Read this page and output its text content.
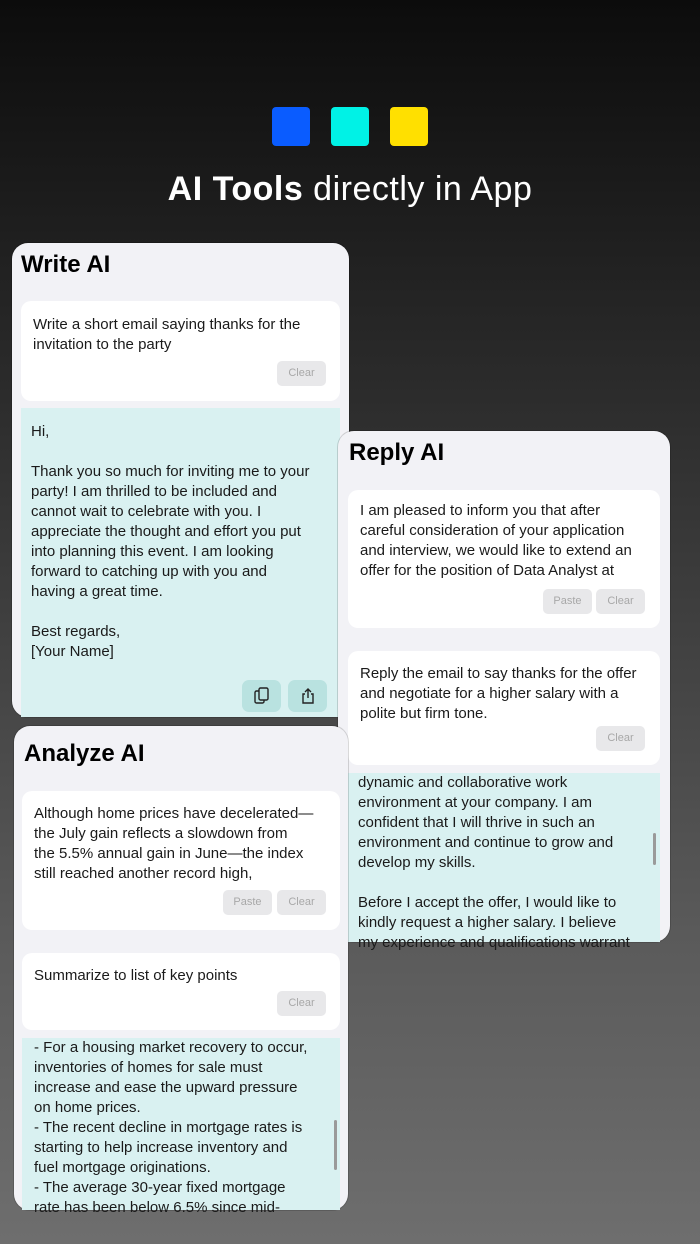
AI Tools directly in App
Write AI
Write a short email saying thanks for the
invitation to the party
Clear
Hi,

Thank you so much for inviting me to your
party! I am thrilled to be included and
cannot wait to celebrate with you. I
appreciate the thought and effort you put
into planning this event. I am looking
forward to catching up with you and
having a great time.

Best regards,
[Your Name]
Reply AI
I am pleased to inform you that after
careful consideration of your application
and interview, we would like to extend an
offer for the position of Data Analyst at
Paste	Clear
Reply the email to say thanks for the offer
and negotiate for a higher salary with a
polite but firm tone.
Clear
dynamic and collaborative work
environment at your company. I am
confident that I will thrive in such an
environment and continue to grow and
develop my skills.

Before I accept the offer, I would like to
kindly request a higher salary. I believe
my experience and qualifications warrant
Analyze AI
Although home prices have decelerated—
the July gain reflects a slowdown from
the 5.5% annual gain in June—the index
still reached another record high,
Paste	Clear
Summarize to list of key points
Clear
- For a housing market recovery to occur,
inventories of homes for sale must
increase and ease the upward pressure
on home prices.
- The recent decline in mortgage rates is
starting to help increase inventory and
fuel mortgage originations.
- The average 30-year fixed mortgage
rate has been below 6.5% since mid-
